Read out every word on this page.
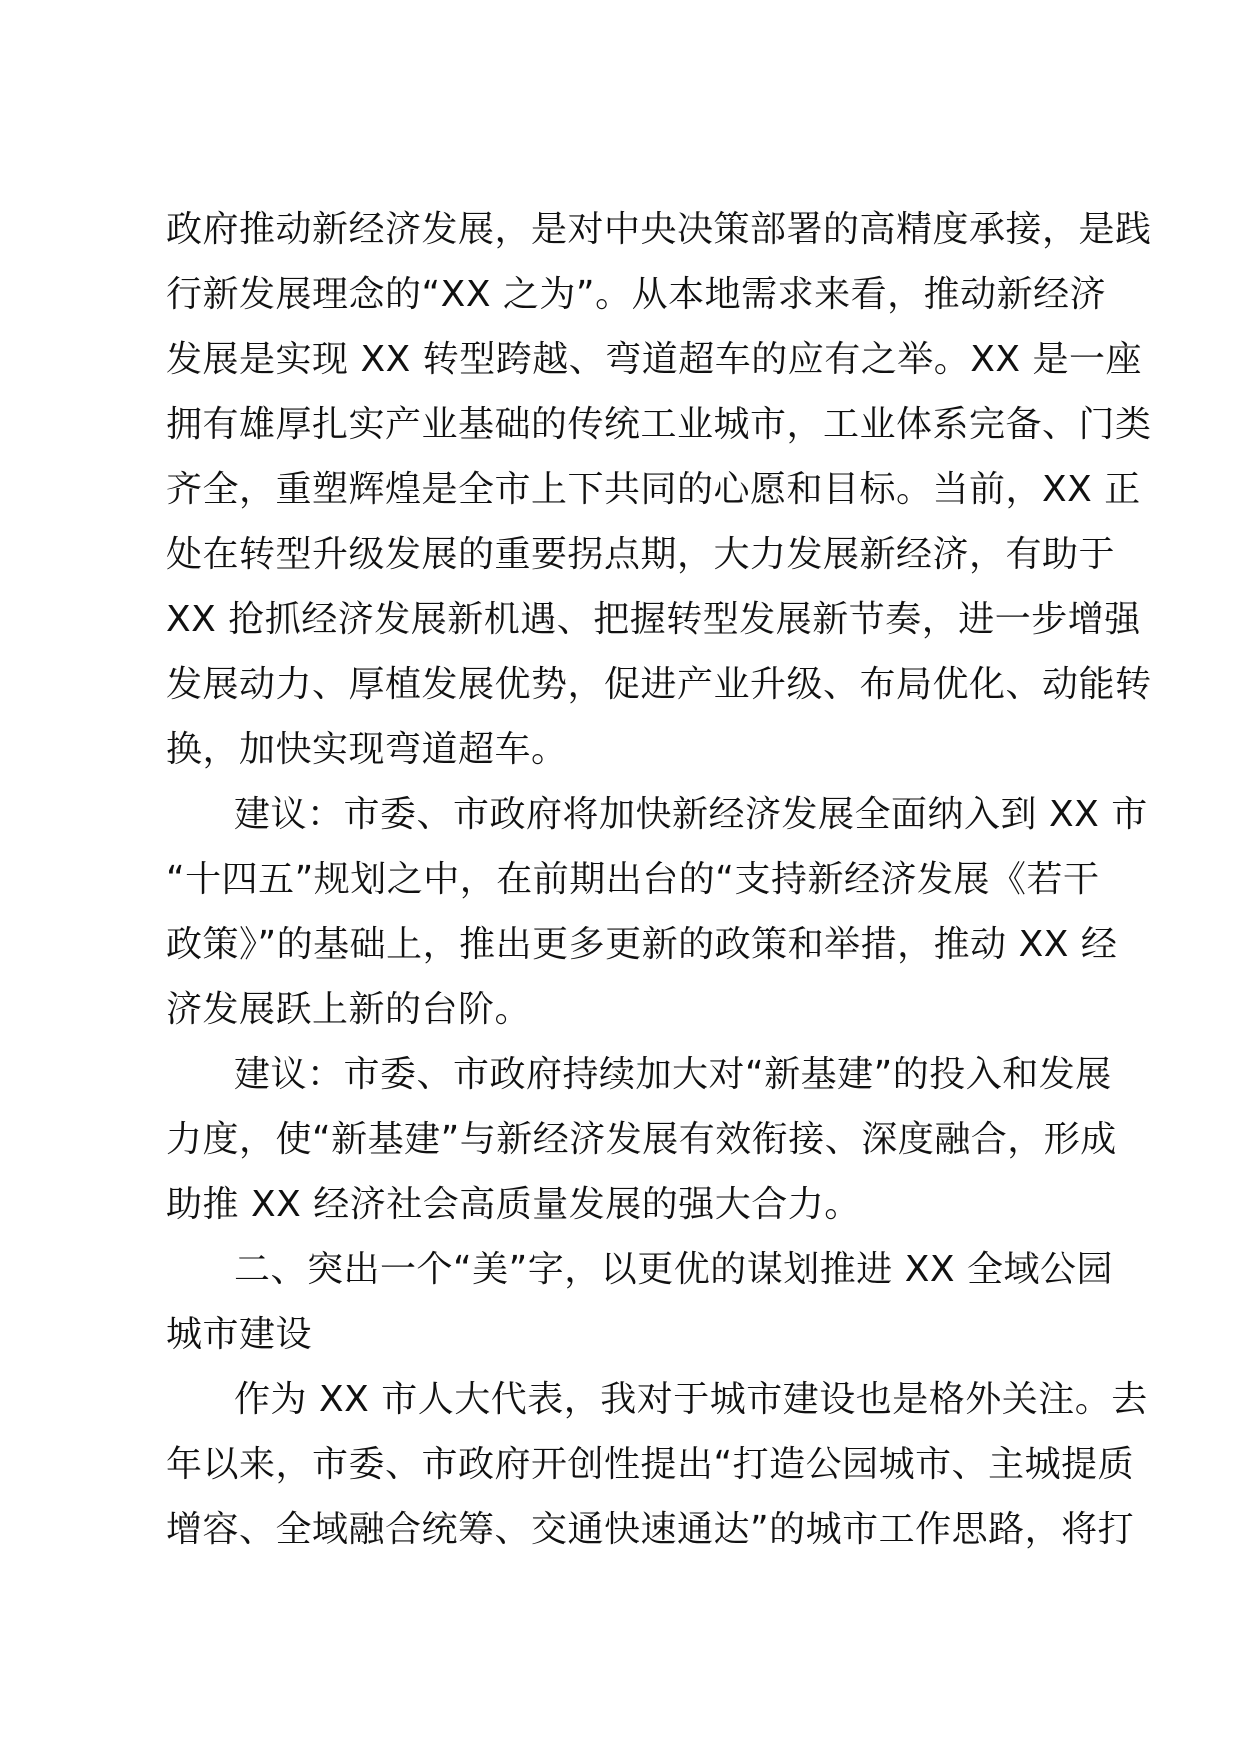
政府推动新经济发展，是对中央决策部署的高精度承接，是践
行新发展理念的“XX 之为”。从本地需求来看，推动新经济
发展是实现 XX 转型跨越、弯道超车的应有之举。XX 是一座
拥有雄厚扎实产业基础的传统工业城市，工业体系完备、门类
齐全，重塑辉煌是全市上下共同的心愿和目标。当前，XX 正
处在转型升级发展的重要拐点期，大力发展新经济，有助于
XX 抢抓经济发展新机遇、把握转型发展新节奏，进一步增强
发展动力、厚植发展优势，促进产业升级、布局优化、动能转
换，加快实现弯道超车。
建议：市委、市政府将加快新经济发展全面纳入到 XX 市
“十四五”规划之中，在前期出台的“支持新经济发展《若干
政策》”的基础上，推出更多更新的政策和举措，推动 XX 经
济发展跃上新的台阶。
建议：市委、市政府持续加大对“新基建”的投入和发展
力度，使“新基建”与新经济发展有效衔接、深度融合，形成
助推 XX 经济社会高质量发展的强大合力。
二、突出一个“美”字，以更优的谋划推进 XX 全域公园
城市建设
作为 XX 市人大代表，我对于城市建设也是格外关注。去
年以来，市委、市政府开创性提出“打造公园城市、主城提质
增容、全域融合统筹、交通快速通达”的城市工作思路，将打
